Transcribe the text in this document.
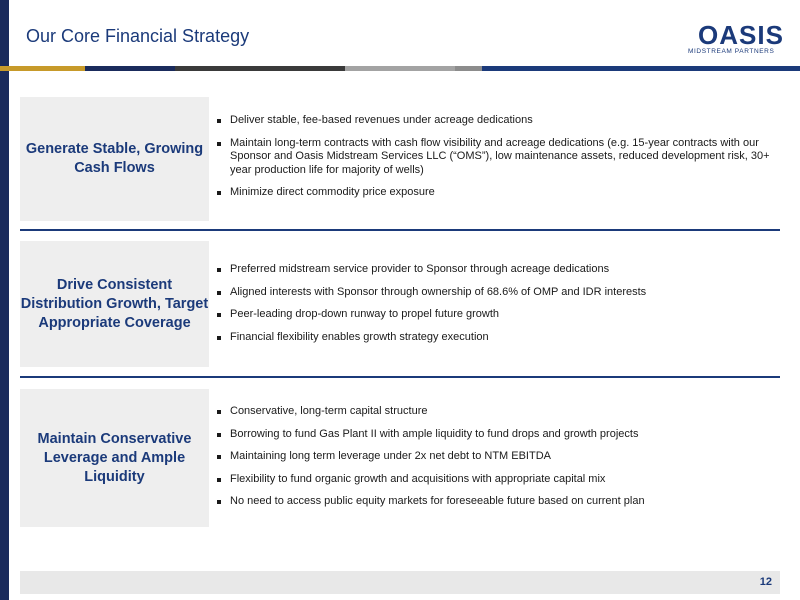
Our Core Financial Strategy	OASIS
MIDSTREAM PARTNERS
Generate Stable, Growing Cash Flows
Deliver stable, fee-based revenues under acreage dedications
Maintain long-term contracts with cash flow visibility and acreage dedications (e.g. 15-year contracts with our Sponsor and Oasis Midstream Services LLC (“OMS”), low maintenance assets, reduced development risk, 30+ year production life for majority of wells)
Minimize direct commodity price exposure
Drive Consistent Distribution Growth, Target Appropriate Coverage
Preferred midstream service provider to Sponsor through acreage dedications
Aligned interests with Sponsor through ownership of 68.6% of OMP and IDR interests
Peer-leading drop-down runway to propel future growth
Financial flexibility enables growth strategy execution
Maintain Conservative Leverage and Ample Liquidity
Conservative, long-term capital structure
Borrowing to fund Gas Plant II with ample liquidity to fund drops and growth projects
Maintaining long term leverage under 2x net debt to NTM EBITDA
Flexibility to fund organic growth and acquisitions with appropriate capital mix
No need to access public equity markets for foreseeable future based on current plan
12
